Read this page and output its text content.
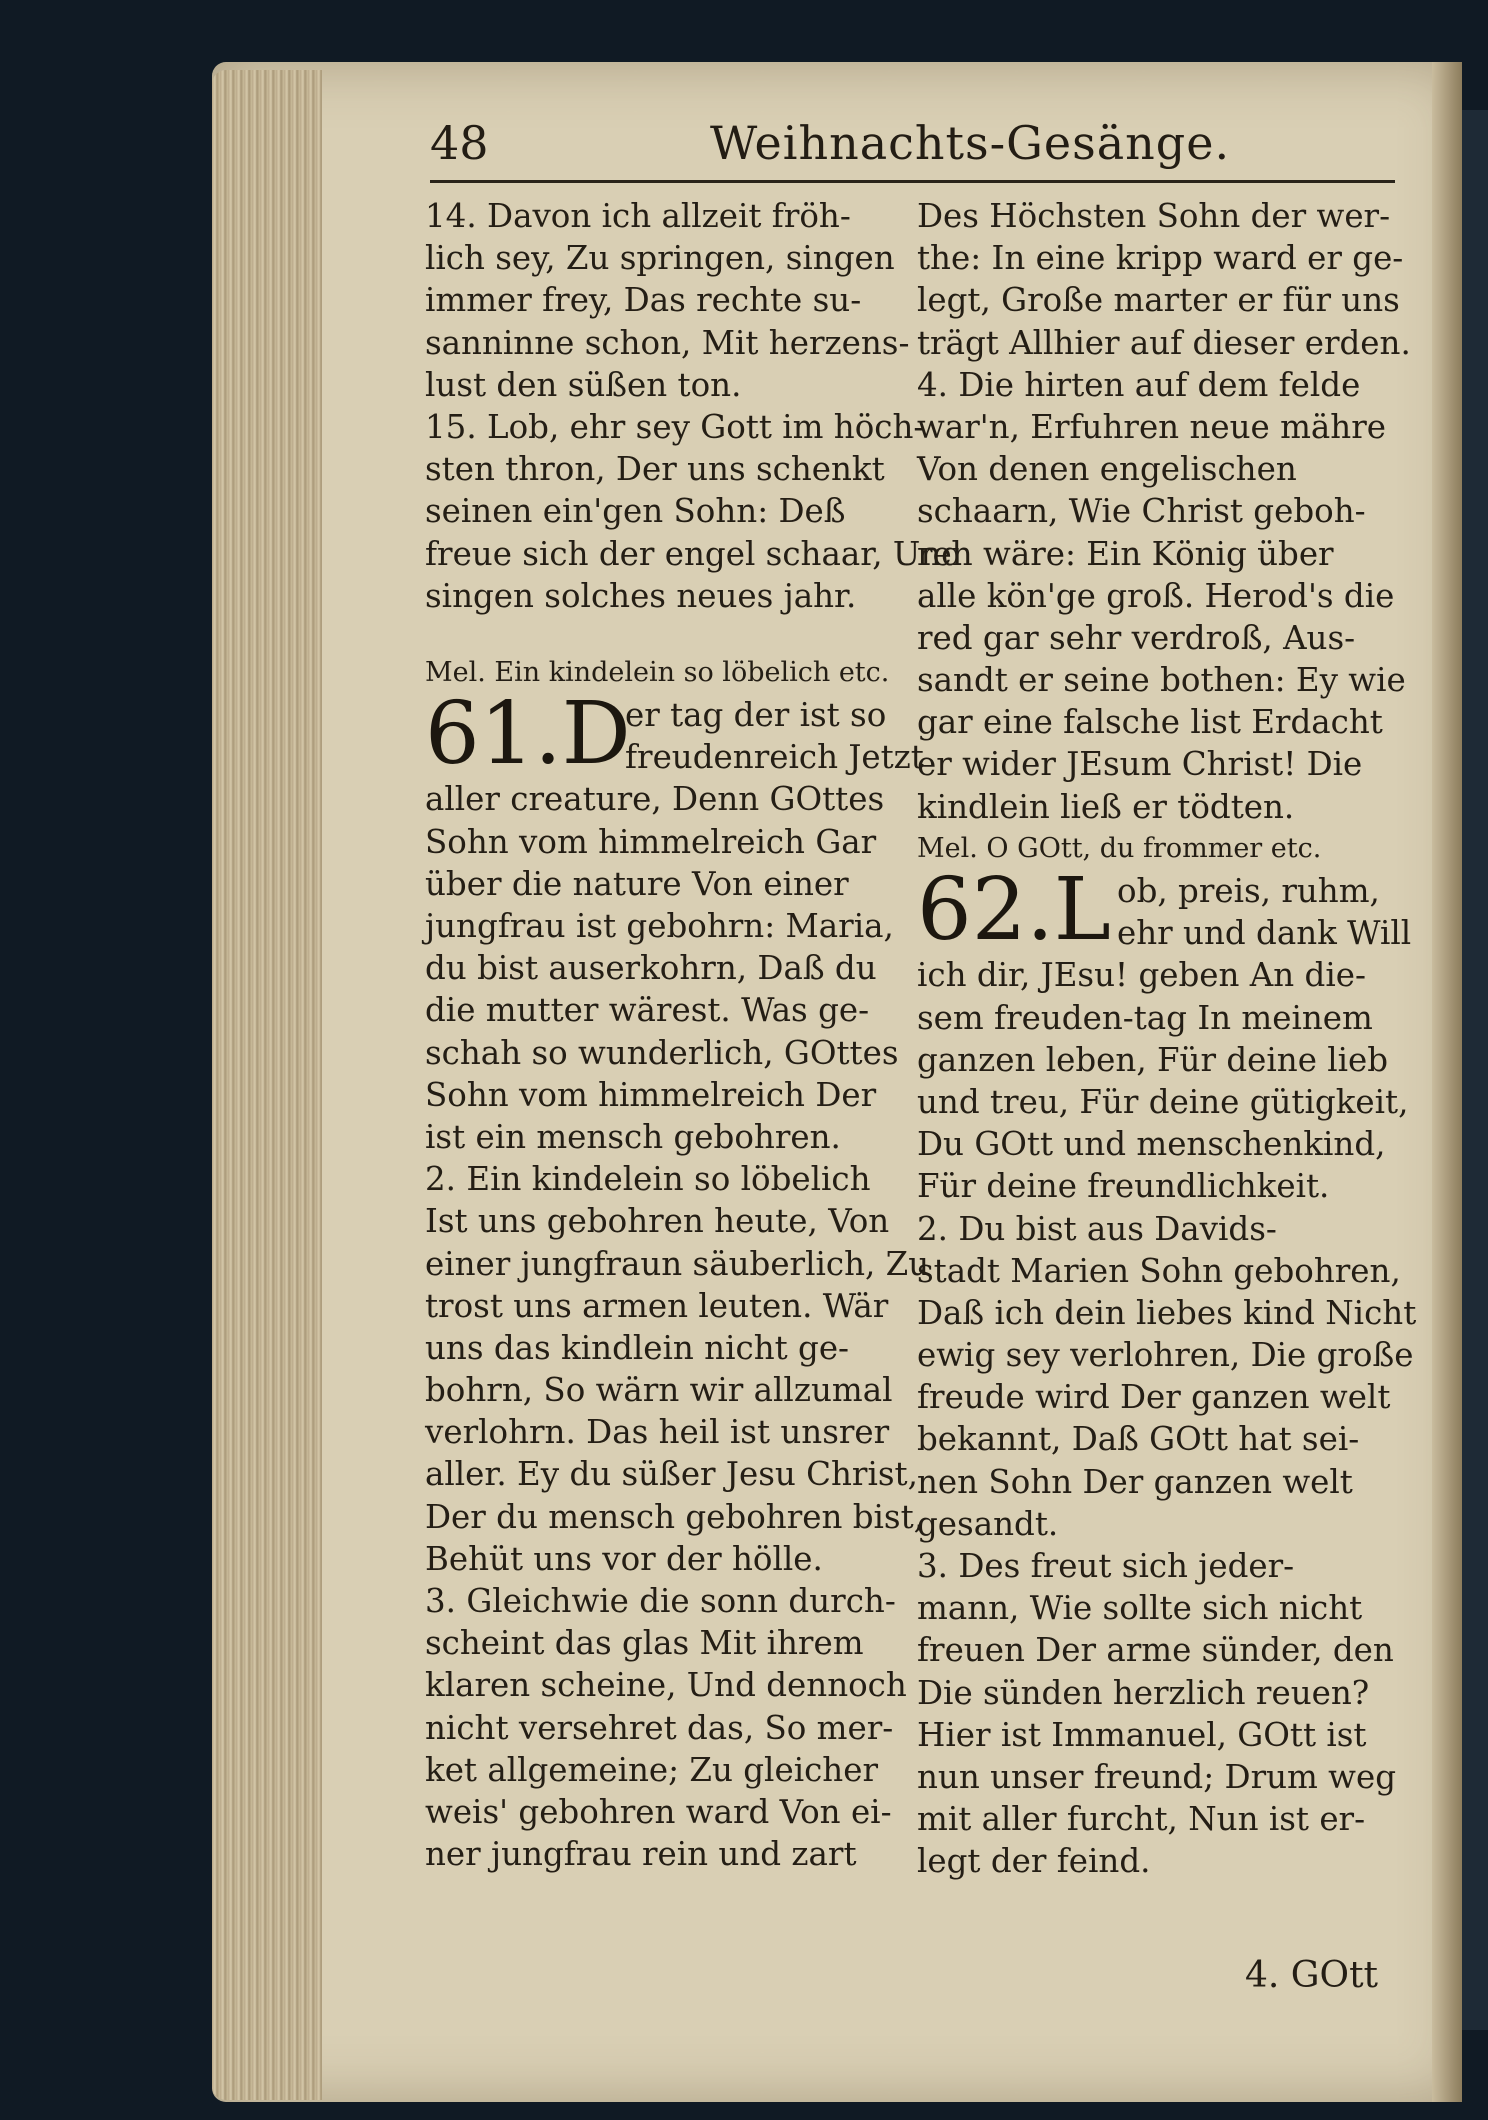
48	Weihnachts-Gesänge.
14. Davon ich allzeit fröh-
lich sey, Zu springen, singen
immer frey, Das rechte su-
sanninne schon, Mit herzens-
lust den süßen ton.
15. Lob, ehr sey Gott im höch-
sten thron, Der uns schenkt
seinen ein'gen Sohn: Deß
freue sich der engel schaar, Und
singen solches neues jahr.
Mel. Ein kindelein so löbelich etc.
61.D
er tag der ist so
freudenreich Jetzt
aller creature, Denn GOttes
Sohn vom himmelreich Gar
über die nature Von einer
jungfrau ist gebohrn: Maria,
du bist auserkohrn, Daß du
die mutter wärest. Was ge-
schah so wunderlich, GOttes
Sohn vom himmelreich Der
ist ein mensch gebohren.
2. Ein kindelein so löbelich
Ist uns gebohren heute, Von
einer jungfraun säuberlich, Zu
trost uns armen leuten. Wär
uns das kindlein nicht ge-
bohrn, So wärn wir allzumal
verlohrn. Das heil ist unsrer
aller. Ey du süßer Jesu Christ,
Der du mensch gebohren bist,
Behüt uns vor der hölle.
3. Gleichwie die sonn durch-
scheint das glas Mit ihrem
klaren scheine, Und dennoch
nicht versehret das, So mer-
ket allgemeine; Zu gleicher
weis' gebohren ward Von ei-
ner jungfrau rein und zart
Des Höchsten Sohn der wer-
the: In eine kripp ward er ge-
legt, Große marter er für uns
trägt Allhier auf dieser erden.
4. Die hirten auf dem felde
war'n, Erfuhren neue mähre
Von denen engelischen
schaarn, Wie Christ geboh-
ren wäre: Ein König über
alle kön'ge groß. Herod's die
red gar sehr verdroß, Aus-
sandt er seine bothen: Ey wie
gar eine falsche list Erdacht
er wider JEsum Christ! Die
kindlein ließ er tödten.
Mel. O GOtt, du frommer etc.
62.L ob, preis, ruhm,
ehr und dank Will
ich dir, JEsu! geben An die-
sem freuden-tag In meinem
ganzen leben, Für deine lieb
und treu, Für deine gütigkeit,
Du GOtt und menschenkind,
Für deine freundlichkeit.
2. Du bist aus Davids-
stadt Marien Sohn gebohren,
Daß ich dein liebes kind Nicht
ewig sey verlohren, Die große
freude wird Der ganzen welt
bekannt, Daß GOtt hat sei-
nen Sohn Der ganzen welt
gesandt.
3. Des freut sich jeder-
mann, Wie sollte sich nicht
freuen Der arme sünder, den
Die sünden herzlich reuen?
Hier ist Immanuel, GOtt ist
nun unser freund; Drum weg
mit aller furcht, Nun ist er-
legt der feind.
4. GOtt
